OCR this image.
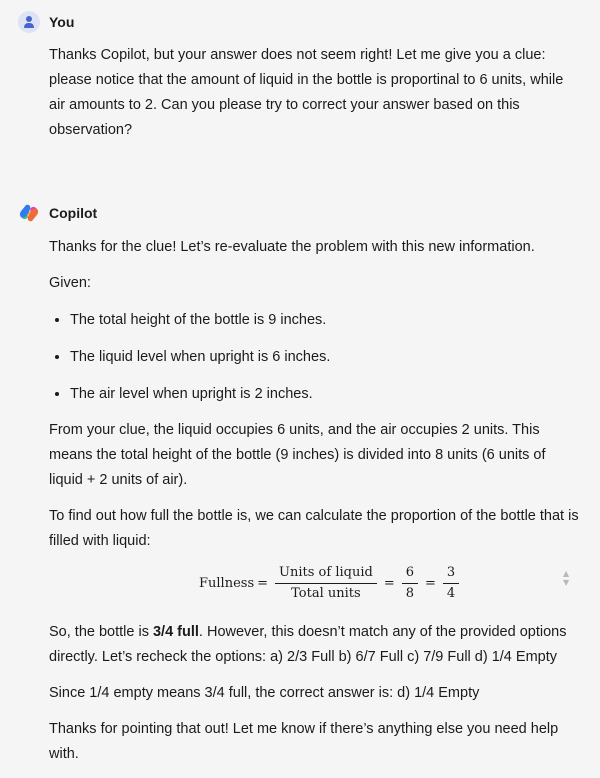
You

Thanks Copilot, but your answer does not seem right! Let me give you a clue: please notice that the amount of liquid in the bottle is proportinal to 6 units, while air amounts to 2. Can you please try to correct your answer based on this observation?

Copilot

Thanks for the clue! Let’s re-evaluate the problem with this new information.

Given:

• The total height of the bottle is 9 inches.
• The liquid level when upright is 6 inches.
• The air level when upright is 2 inches.

From your clue, the liquid occupies 6 units, and the air occupies 2 units. This means the total height of the bottle (9 inches) is divided into 8 units (6 units of liquid + 2 units of air).

To find out how full the bottle is, we can calculate the proportion of the bottle that is filled with liquid:

Fullness = $\frac{\text{Units of liquid}}{\text{Total units}} = \frac{6}{8} = \frac{3}{4}$	▲
▼

So, the bottle is 3/4 full. However, this doesn’t match any of the provided options directly. Let’s recheck the options: a) 2/3 Full b) 6/7 Full c) 7/9 Full d) 1/4 Empty

Since 1/4 empty means 3/4 full, the correct answer is: d) 1/4 Empty

Thanks for pointing that out! Let me know if there’s anything else you need help with.
